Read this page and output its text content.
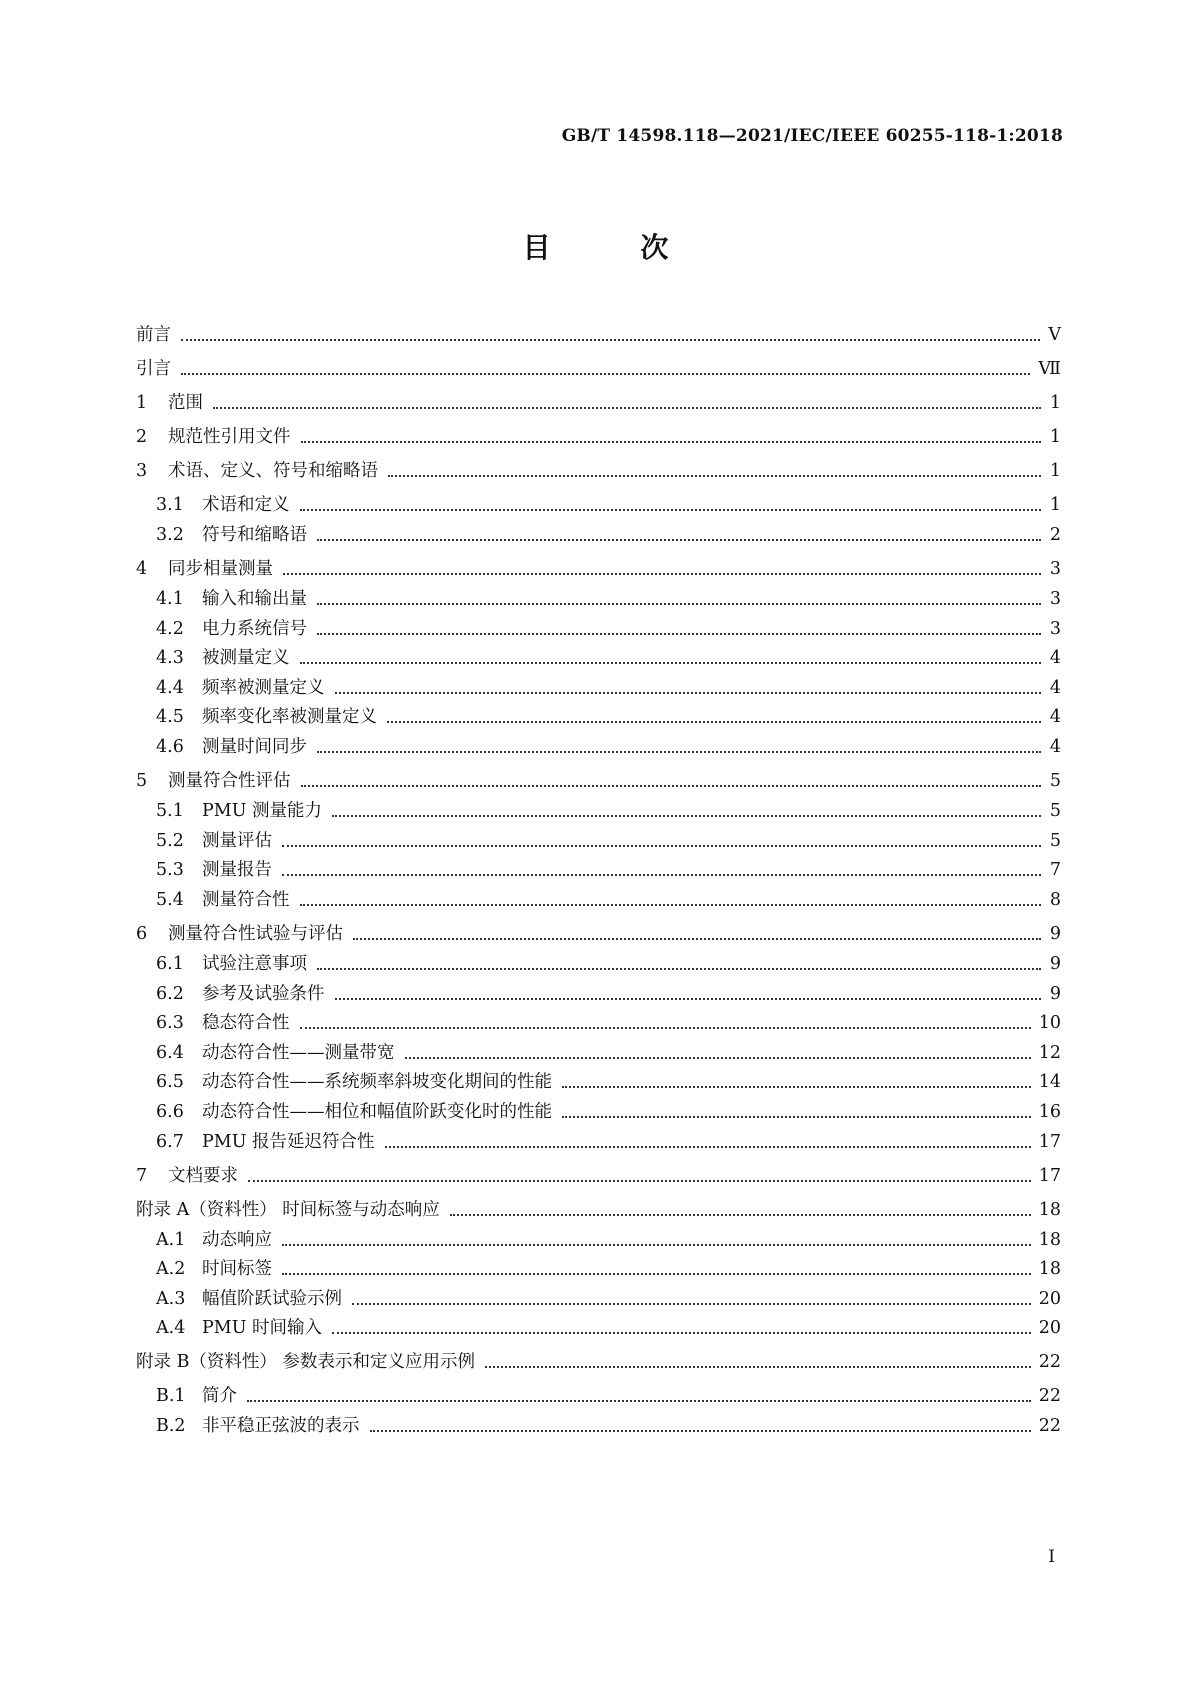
GB/T 14598.118—2021/IEC/IEEE 60255-118-1:2018
目 次
前言	Ⅴ
引言	Ⅶ
1	范围	1
2	规范性引用文件	1
3	术语、定义、符号和缩略语	1
3.1	术语和定义	1
3.2	符号和缩略语	2
4	同步相量测量	3
4.1	输入和输出量	3
4.2	电力系统信号	3
4.3	被测量定义	4
4.4	频率被测量定义	4
4.5	频率变化率被测量定义	4
4.6	测量时间同步	4
5	测量符合性评估	5
5.1	PMU 测量能力	5
5.2	测量评估	5
5.3	测量报告	7
5.4	测量符合性	8
6	测量符合性试验与评估	9
6.1	试验注意事项	9
6.2	参考及试验条件	9
6.3	稳态符合性	10
6.4	动态符合性——测量带宽	12
6.5	动态符合性——系统频率斜坡变化期间的性能	14
6.6	动态符合性——相位和幅值阶跃变化时的性能	16
6.7	PMU 报告延迟符合性	17
7	文档要求	17
附录 A（资料性） 时间标签与动态响应	18
A.1 动态响应	18
A.2 时间标签	18
A.3 幅值阶跃试验示例	20
A.4 PMU 时间输入	20
附录 B（资料性） 参数表示和定义应用示例	22
B.1 简介	22
B.2 非平稳正弦波的表示	22
I
